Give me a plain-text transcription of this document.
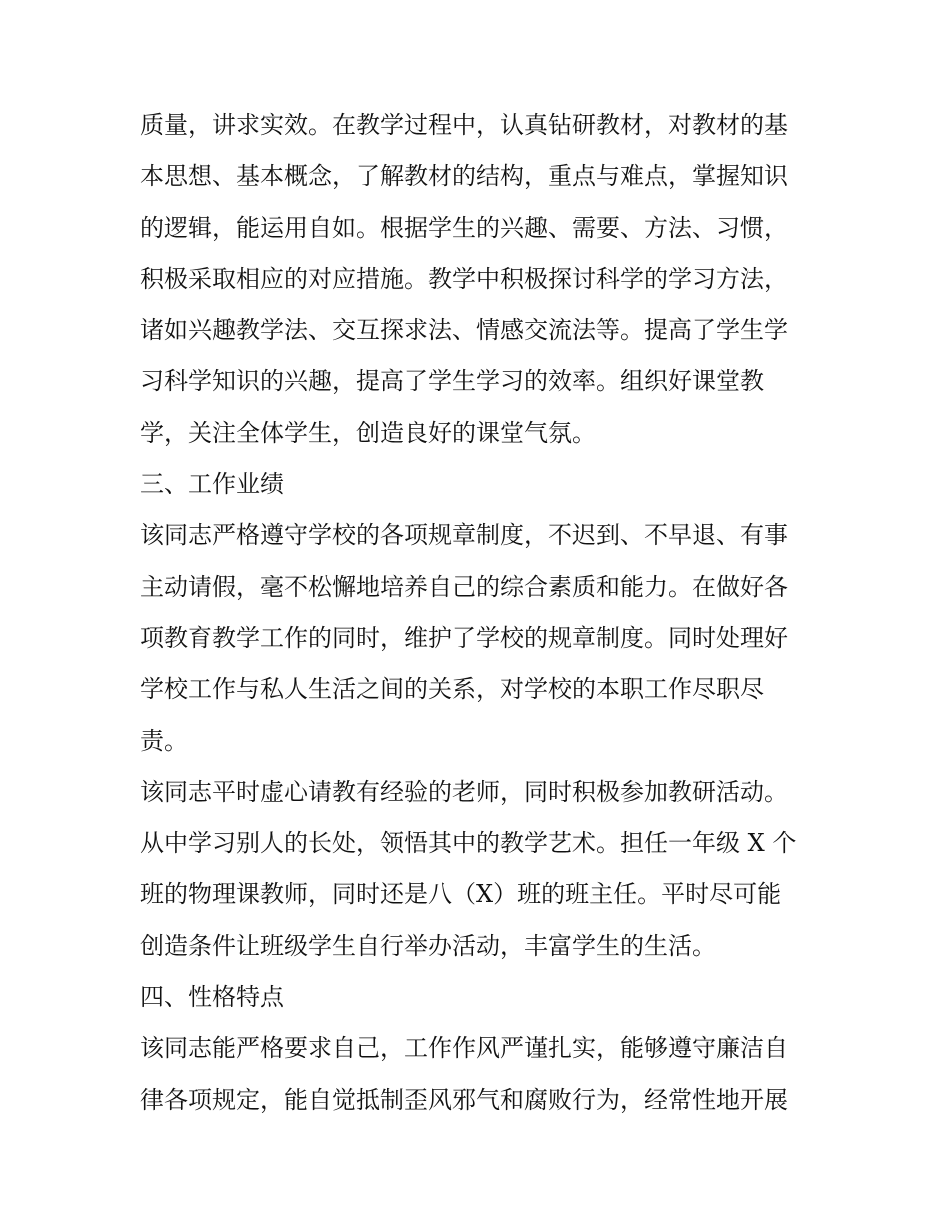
质量，讲求实效。在教学过程中，认真钻研教材，对教材的基
本思想、基本概念，了解教材的结构，重点与难点，掌握知识
的逻辑，能运用自如。根据学生的兴趣、需要、方法、习惯，
积极采取相应的对应措施。教学中积极探讨科学的学习方法，
诸如兴趣教学法、交互探求法、情感交流法等。提高了学生学
习科学知识的兴趣，提高了学生学习的效率。组织好课堂教
学，关注全体学生，创造良好的课堂气氛。
三、工作业绩
该同志严格遵守学校的各项规章制度，不迟到、不早退、有事
主动请假，毫不松懈地培养自己的综合素质和能力。在做好各
项教育教学工作的同时，维护了学校的规章制度。同时处理好
学校工作与私人生活之间的关系，对学校的本职工作尽职尽
责。
该同志平时虚心请教有经验的老师，同时积极参加教研活动。
从中学习别人的长处，领悟其中的教学艺术。担任一年级 X 个
班的物理课教师，同时还是八（X）班的班主任。平时尽可能
创造条件让班级学生自行举办活动，丰富学生的生活。
四、性格特点
该同志能严格要求自己，工作作风严谨扎实，能够遵守廉洁自
律各项规定，能自觉抵制歪风邪气和腐败行为，经常性地开展
